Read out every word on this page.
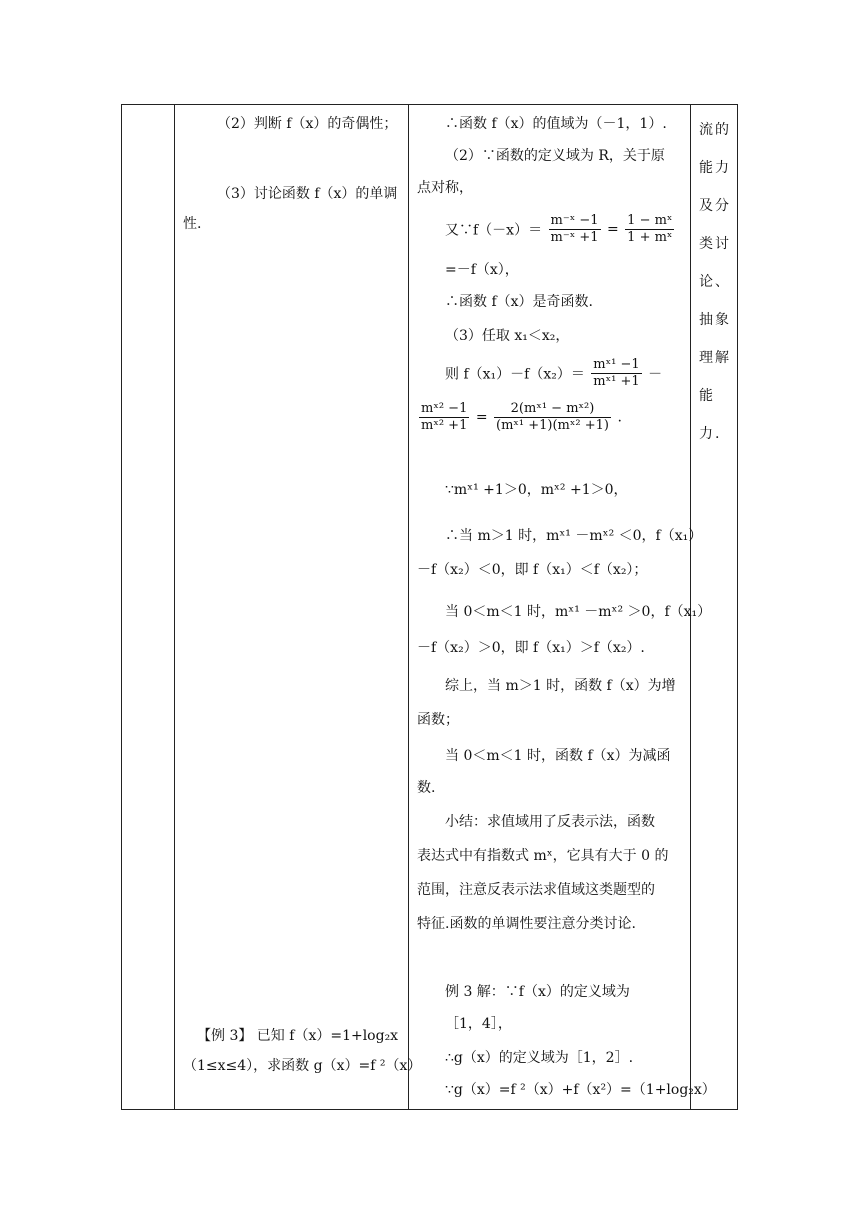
（2）判断 f（x）的奇偶性；
（3）讨论函数 f（x）的单调
性.
【例 3】 已知 f（x）=1+log₂x
（1≤x≤4），求函数 g（x）=f ²（x）

∴函数 f（x）的值域为（－1，1）.
（2）∵函数的定义域为 R，关于原
点对称，
又∵f（－x）＝ $\frac{\text{m⁻ˣ −1}}{\text{m⁻ˣ +1}} = \frac{\text{1 − mˣ}}{\text{1 + mˣ}}$
=－f（x），
∴函数 f（x）是奇函数.
（3）任取 x₁＜x₂，
则 $f(x_1)-f(x_2)= \frac{\text{mˣ¹ −1}}{\text{mˣ¹ +1}}$ －
$\frac{\text{mˣ² −1}}{\text{mˣ² +1}} = \frac{\text{2(mˣ¹ − mˣ²)}}{\text{(mˣ¹ +1)(mˣ² +1)}}$ .
∵mˣ¹ +1＞0，mˣ² +1＞0，
∴当 m＞1 时，mˣ¹ －mˣ² ＜0，f（x₁）
－f（x₂）＜0，即 f（x₁）＜f（x₂）；
当 0＜m＜1 时，mˣ¹ －mˣ² ＞0，f（x₁）
－f（x₂）＞0，即 f（x₁）＞f（x₂）.
综上，当 m＞1 时，函数 f（x）为增
函数；
当 0＜m＜1 时，函数 f（x）为减函
数.
小结：求值域用了反表示法，函数
表达式中有指数式 mˣ，它具有大于 0 的
范围，注意反表示法求值域这类题型的
特征.函数的单调性要注意分类讨论.
例 3 解：∵f（x）的定义域为
［1，4］，
∴g（x）的定义域为［1，2］.
∵g（x）=f ²（x）+f（x²）=（1+log₂x）

流的能力及分类讨论、抽象理解能力.
